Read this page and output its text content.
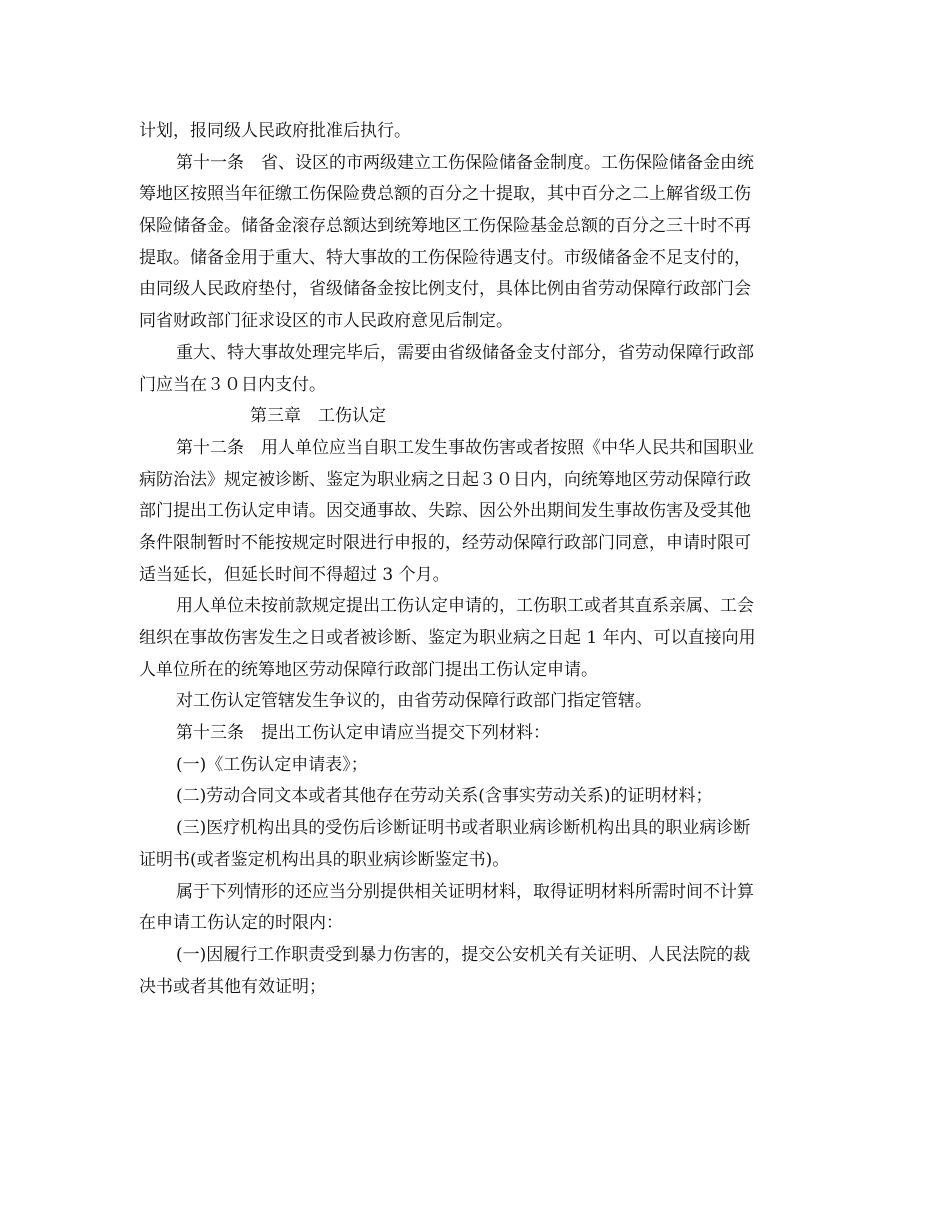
计划，报同级人民政府批准后执行。
第十一条　省、设区的市两级建立工伤保险储备金制度。工伤保险储备金由统
筹地区按照当年征缴工伤保险费总额的百分之十提取，其中百分之二上解省级工伤
保险储备金。储备金滚存总额达到统筹地区工伤保险基金总额的百分之三十时不再
提取。储备金用于重大、特大事故的工伤保险待遇支付。市级储备金不足支付的，
由同级人民政府垫付，省级储备金按比例支付，具体比例由省劳动保障行政部门会
同省财政部门征求设区的市人民政府意见后制定。
重大、特大事故处理完毕后，需要由省级储备金支付部分，省劳动保障行政部
门应当在３０日内支付。
第三章　工伤认定
第十二条　用人单位应当自职工发生事故伤害或者按照《中华人民共和国职业
病防治法》规定被诊断、鉴定为职业病之日起３０日内，向统筹地区劳动保障行政
部门提出工伤认定申请。因交通事故、失踪、因公外出期间发生事故伤害及受其他
条件限制暂时不能按规定时限进行申报的，经劳动保障行政部门同意，申请时限可
适当延长，但延长时间不得超过 3 个月。
用人单位未按前款规定提出工伤认定申请的，工伤职工或者其直系亲属、工会
组织在事故伤害发生之日或者被诊断、鉴定为职业病之日起 1 年内、可以直接向用
人单位所在的统筹地区劳动保障行政部门提出工伤认定申请。
对工伤认定管辖发生争议的，由省劳动保障行政部门指定管辖。
第十三条　提出工伤认定申请应当提交下列材料：
(一)《工伤认定申请表》；
(二)劳动合同文本或者其他存在劳动关系(含事实劳动关系)的证明材料；
(三)医疗机构出具的受伤后诊断证明书或者职业病诊断机构出具的职业病诊断
证明书(或者鉴定机构出具的职业病诊断鉴定书)。
属于下列情形的还应当分别提供相关证明材料，取得证明材料所需时间不计算
在申请工伤认定的时限内：
(一)因履行工作职责受到暴力伤害的，提交公安机关有关证明、人民法院的裁
决书或者其他有效证明；
